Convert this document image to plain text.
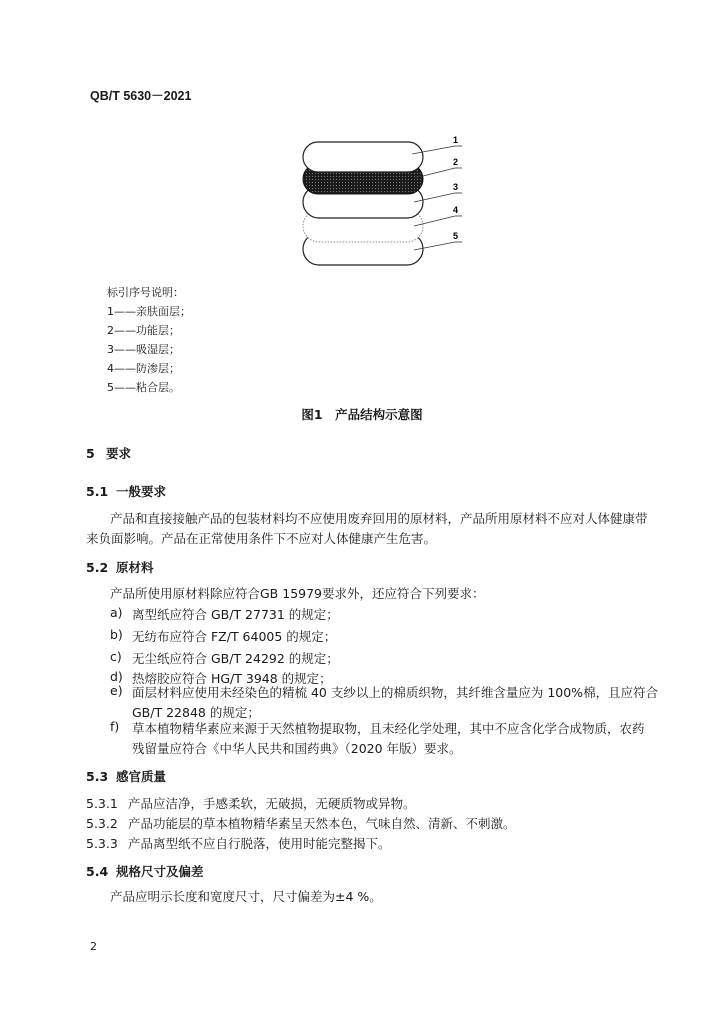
QB/T 5630－2021
1
2
3
4
5
标引序号说明：
1——亲肤面层；
2——功能层；
3——吸湿层；
4——防渗层；
5——粘合层。
图1　产品结构示意图
5 要求
5.1 一般要求
产品和直接接触产品的包装材料均不应使用废弃回用的原材料，产品所用原材料不应对人体健康带
来负面影响。产品在正常使用条件下不应对人体健康产生危害。
5.2 原材料
产品所使用原材料除应符合GB 15979要求外，还应符合下列要求：
a) 离型纸应符合 GB/T 27731 的规定；
b) 无纺布应符合 FZ/T 64005 的规定；
c) 无尘纸应符合 GB/T 24292 的规定；
d) 热熔胶应符合 HG/T 3948 的规定；
e) 面层材料应使用未经染色的精梳 40 支纱以上的棉质织物，其纤维含量应为 100%棉，且应符合
GB/T 22848 的规定；
f) 草本植物精华素应来源于天然植物提取物，且未经化学处理，其中不应含化学合成物质，农药
残留量应符合《中华人民共和国药典》（2020 年版）要求。
5.3 感官质量
5.3.1 产品应洁净，手感柔软，无破损，无硬质物或异物。
5.3.2 产品功能层的草本植物精华素呈天然本色，气味自然、清新、不刺激。
5.3.3 产品离型纸不应自行脱落，使用时能完整揭下。
5.4 规格尺寸及偏差
产品应明示长度和宽度尺寸，尺寸偏差为±4 %。
2
